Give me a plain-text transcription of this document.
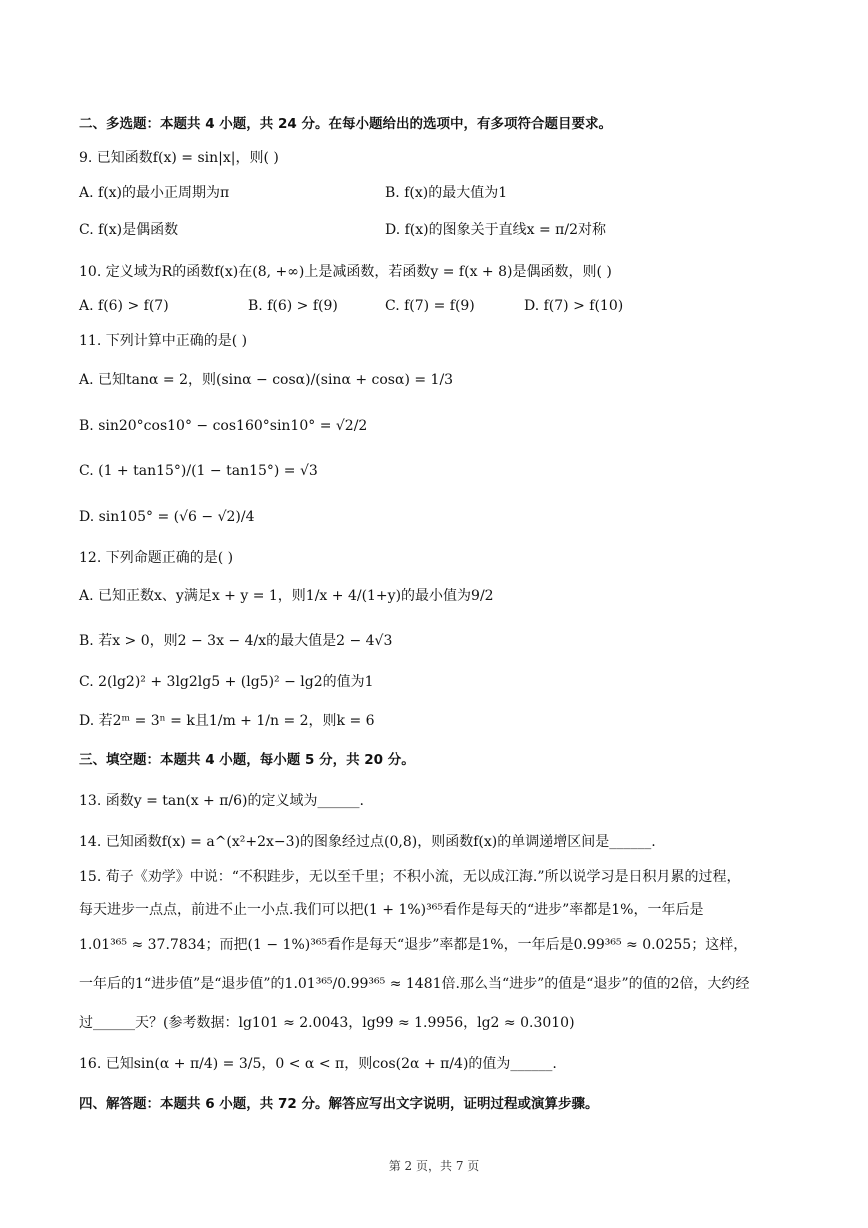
二、多选题：本题共 4 小题，共 24 分。在每小题给出的选项中，有多项符合题目要求。
9. 已知函数f(x) = sin|x|，则( )
A. f(x)的最小正周期为π	B. f(x)的最大值为1
C. f(x)是偶函数	D. f(x)的图象关于直线x = π/2对称
10. 定义域为R的函数f(x)在(8, +∞)上是减函数，若函数y = f(x + 8)是偶函数，则( )
A. f(6) > f(7)	B. f(6) > f(9)	C. f(7) = f(9)	D. f(7) > f(10)
11. 下列计算中正确的是( )
A. 已知tanα = 2，则(sinα − cosα)/(sinα + cosα) = 1/3
B. sin20°cos10° − cos160°sin10° = √2/2
C. (1 + tan15°)/(1 − tan15°) = √3
D. sin105° = (√6 − √2)/4
12. 下列命题正确的是( )
A. 已知正数x、y满足x + y = 1，则1/x + 4/(1+y)的最小值为9/2
B. 若x > 0，则2 − 3x − 4/x的最大值是2 − 4√3
C. 2(lg2)² + 3lg2lg5 + (lg5)² − lg2的值为1
D. 若2ᵐ = 3ⁿ = k且1/m + 1/n = 2，则k = 6
三、填空题：本题共 4 小题，每小题 5 分，共 20 分。
13. 函数y = tan(x + π/6)的定义域为______.
14. 已知函数f(x) = a^(x²+2x−3)的图象经过点(0,8)，则函数f(x)的单调递增区间是______.
15. 荀子《劝学》中说：“不积跬步，无以至千里；不积小流，无以成江海.”所以说学习是日积月累的过程，
每天进步一点点，前进不止一小点.我们可以把(1 + 1%)³⁶⁵看作是每天的“进步”率都是1%，一年后是
1.01³⁶⁵ ≈ 37.7834；而把(1 − 1%)³⁶⁵看作是每天“退步”率都是1%，一年后是0.99³⁶⁵ ≈ 0.0255；这样，
一年后的1“进步值”是“退步值”的1.01³⁶⁵/0.99³⁶⁵ ≈ 1481倍.那么当“进步”的值是“退步”的值的2倍，大约经
过______天？(参考数据：lg101 ≈ 2.0043，lg99 ≈ 1.9956，lg2 ≈ 0.3010)
16. 已知sin(α + π/4) = 3/5，0 < α < π，则cos(2α + π/4)的值为______.
四、解答题：本题共 6 小题，共 72 分。解答应写出文字说明，证明过程或演算步骤。
第 2 页，共 7 页
